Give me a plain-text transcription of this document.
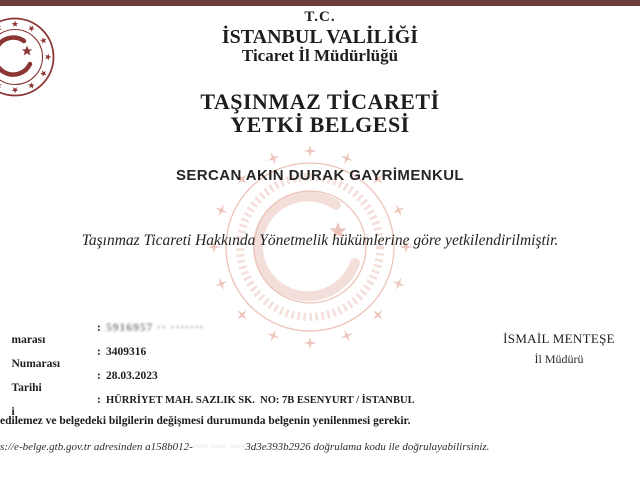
T.C.
İSTANBUL VALİLİĞİ
Ticaret İl Müdürlüğü
TAŞINMAZ TİCARETİ
YETKİ BELGESİ
SERCAN AKIN DURAK GAYRİMENKUL
Taşınmaz Ticareti Hakkında Yönetmelik hükümlerine göre yetkilendirilmiştir.

marası

:

5916957 ·· ·······

Numarası

:

3409316

Tarihi

:

28.03.2023

i

:

HÜRRİYET MAH. SAZLIK SK.  NO: 7B ESENYURT / İSTANBUL

İSMAİL MENTEŞE
İl Müdürü
edilemez ve belgedeki bilgilerin değişmesi durumunda belgenin yenilenmesi gerekir.
s://e-belge.gtb.gov.tr adresinden a158b012-···· ···· ····3d3e393b2926 doğrulama kodu ile doğrulayabilirsiniz.
